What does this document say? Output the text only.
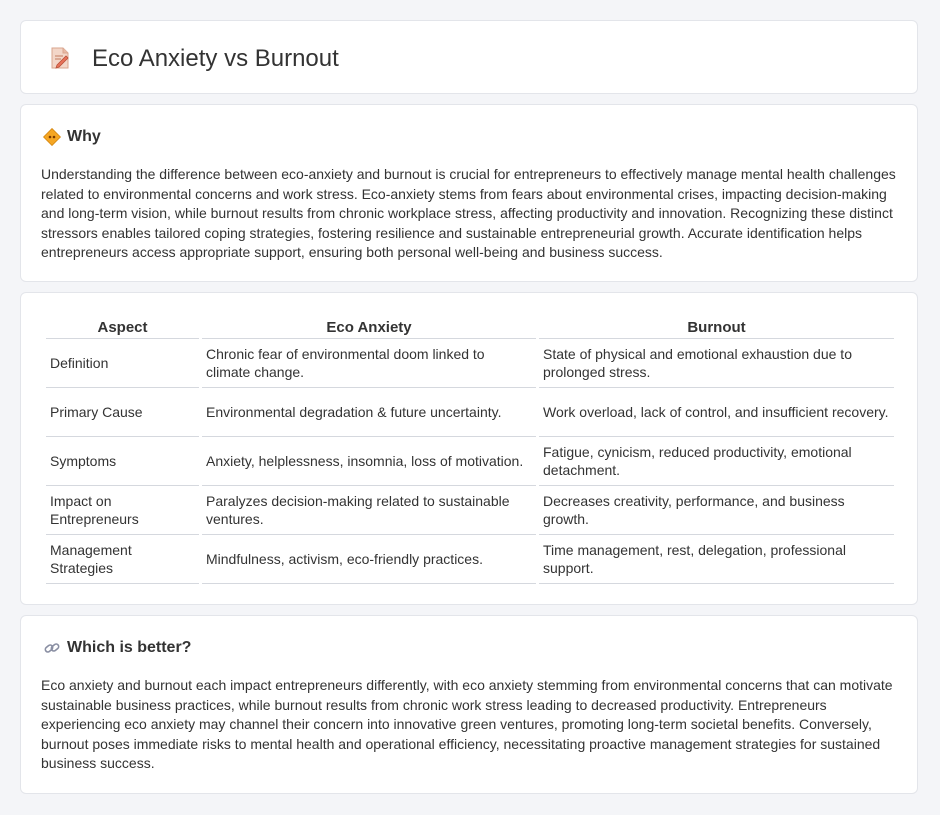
Eco Anxiety vs Burnout
Why

Understanding the difference between eco-anxiety and burnout is crucial for entrepreneurs to effectively manage mental health challenges related to environmental concerns and work stress. Eco-anxiety stems from fears about environmental crises, impacting decision-making and long-term vision, while burnout results from chronic workplace stress, affecting productivity and innovation. Recognizing these distinct stressors enables tailored coping strategies, fostering resilience and sustainable entrepreneurial growth. Accurate identification helps entrepreneurs access appropriate support, ensuring both personal well-being and business success.

Aspect	Eco Anxiety	Burnout
Definition	Chronic fear of environmental doom linked to climate change.	State of physical and emotional exhaustion due to prolonged stress.
Primary Cause	Environmental degradation & future uncertainty.	Work overload, lack of control, and insufficient recovery.
Symptoms	Anxiety, helplessness, insomnia, loss of motivation.	Fatigue, cynicism, reduced productivity, emotional detachment.
Impact on Entrepreneurs	Paralyzes decision-making related to sustainable ventures.	Decreases creativity, performance, and business growth.
Management Strategies	Mindfulness, activism, eco-friendly practices.	Time management, rest, delegation, professional support.
Which is better?

Eco anxiety and burnout each impact entrepreneurs differently, with eco anxiety stemming from environmental concerns that can motivate sustainable business practices, while burnout results from chronic work stress leading to decreased productivity. Entrepreneurs experiencing eco anxiety may channel their concern into innovative green ventures, promoting long-term societal benefits. Conversely, burnout poses immediate risks to mental health and operational efficiency, necessitating proactive management strategies for sustained business success.
